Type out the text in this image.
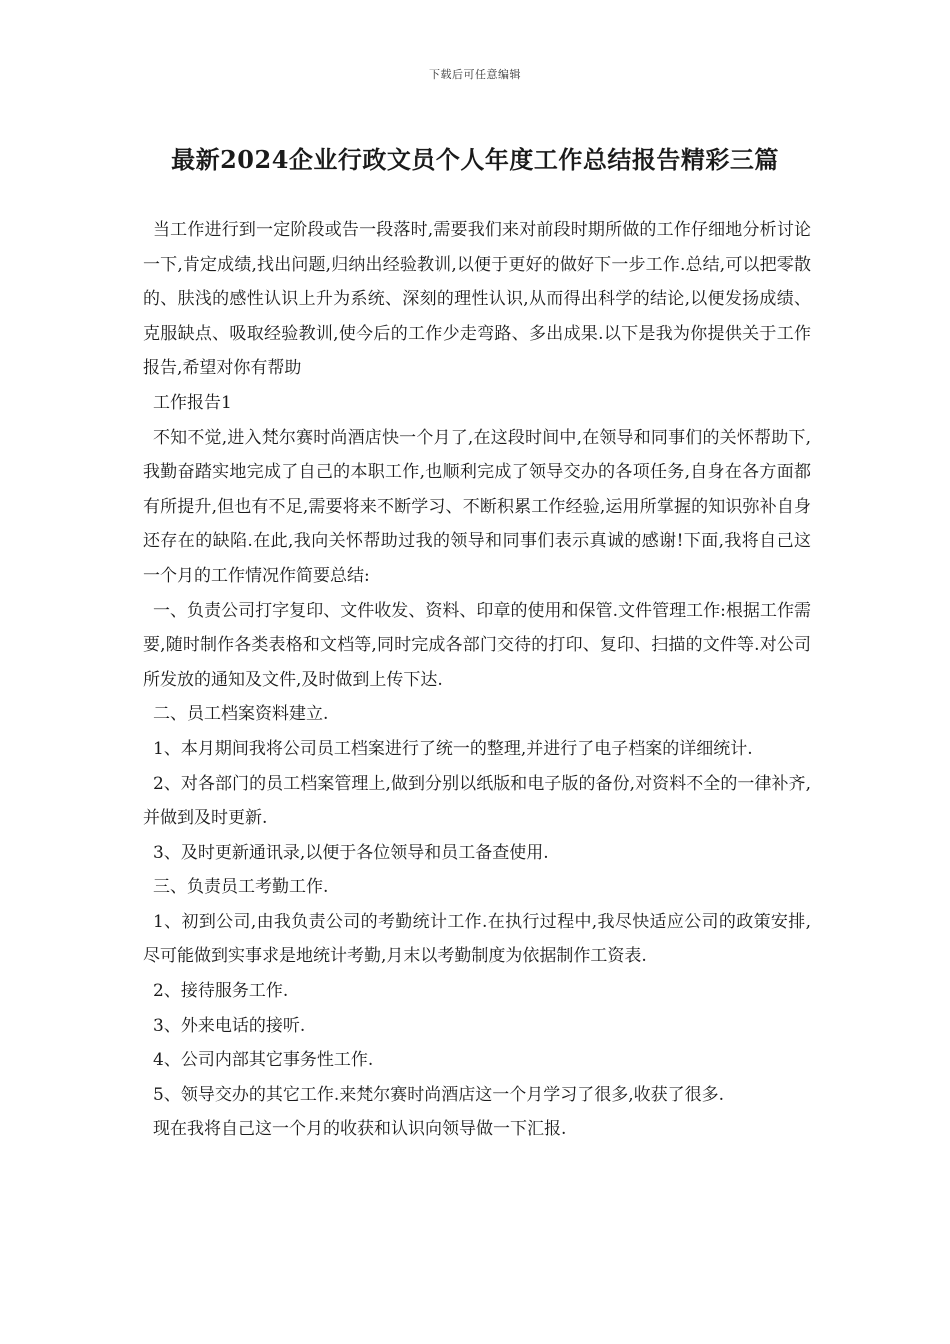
下载后可任意编辑
最新2024企业行政文员个人年度工作总结报告精彩三篇

当工作进行到一定阶段或告一段落时,需要我们来对前段时期所做的工作仔细地分析讨论一下,肯定成绩,找出问题,归纳出经验教训,以便于更好的做好下一步工作.总结,可以把零散的、肤浅的感性认识上升为系统、深刻的理性认识,从而得出科学的结论,以便发扬成绩、克服缺点、吸取经验教训,使今后的工作少走弯路、多出成果.以下是我为你提供关于工作报告,希望对你有帮助

工作报告1

不知不觉,进入梵尔赛时尚酒店快一个月了,在这段时间中,在领导和同事们的关怀帮助下,我勤奋踏实地完成了自己的本职工作,也顺利完成了领导交办的各项任务,自身在各方面都有所提升,但也有不足,需要将来不断学习、不断积累工作经验,运用所掌握的知识弥补自身还存在的缺陷.在此,我向关怀帮助过我的领导和同事们表示真诚的感谢!下面,我将自己这一个月的工作情况作简要总结:

一、负责公司打字复印、文件收发、资料、印章的使用和保管.文件管理工作:根据工作需要,随时制作各类表格和文档等,同时完成各部门交待的打印、复印、扫描的文件等.对公司所发放的通知及文件,及时做到上传下达.

二、员工档案资料建立.

1、本月期间我将公司员工档案进行了统一的整理,并进行了电子档案的详细统计.

2、对各部门的员工档案管理上,做到分别以纸版和电子版的备份,对资料不全的一律补齐,并做到及时更新.

3、及时更新通讯录,以便于各位领导和员工备查使用.

三、负责员工考勤工作.

1、初到公司,由我负责公司的考勤统计工作.在执行过程中,我尽快适应公司的政策安排,尽可能做到实事求是地统计考勤,月末以考勤制度为依据制作工资表.

2、接待服务工作.

3、外来电话的接听.

4、公司内部其它事务性工作.

5、领导交办的其它工作.来梵尔赛时尚酒店这一个月学习了很多,收获了很多.

现在我将自己这一个月的收获和认识向领导做一下汇报.
